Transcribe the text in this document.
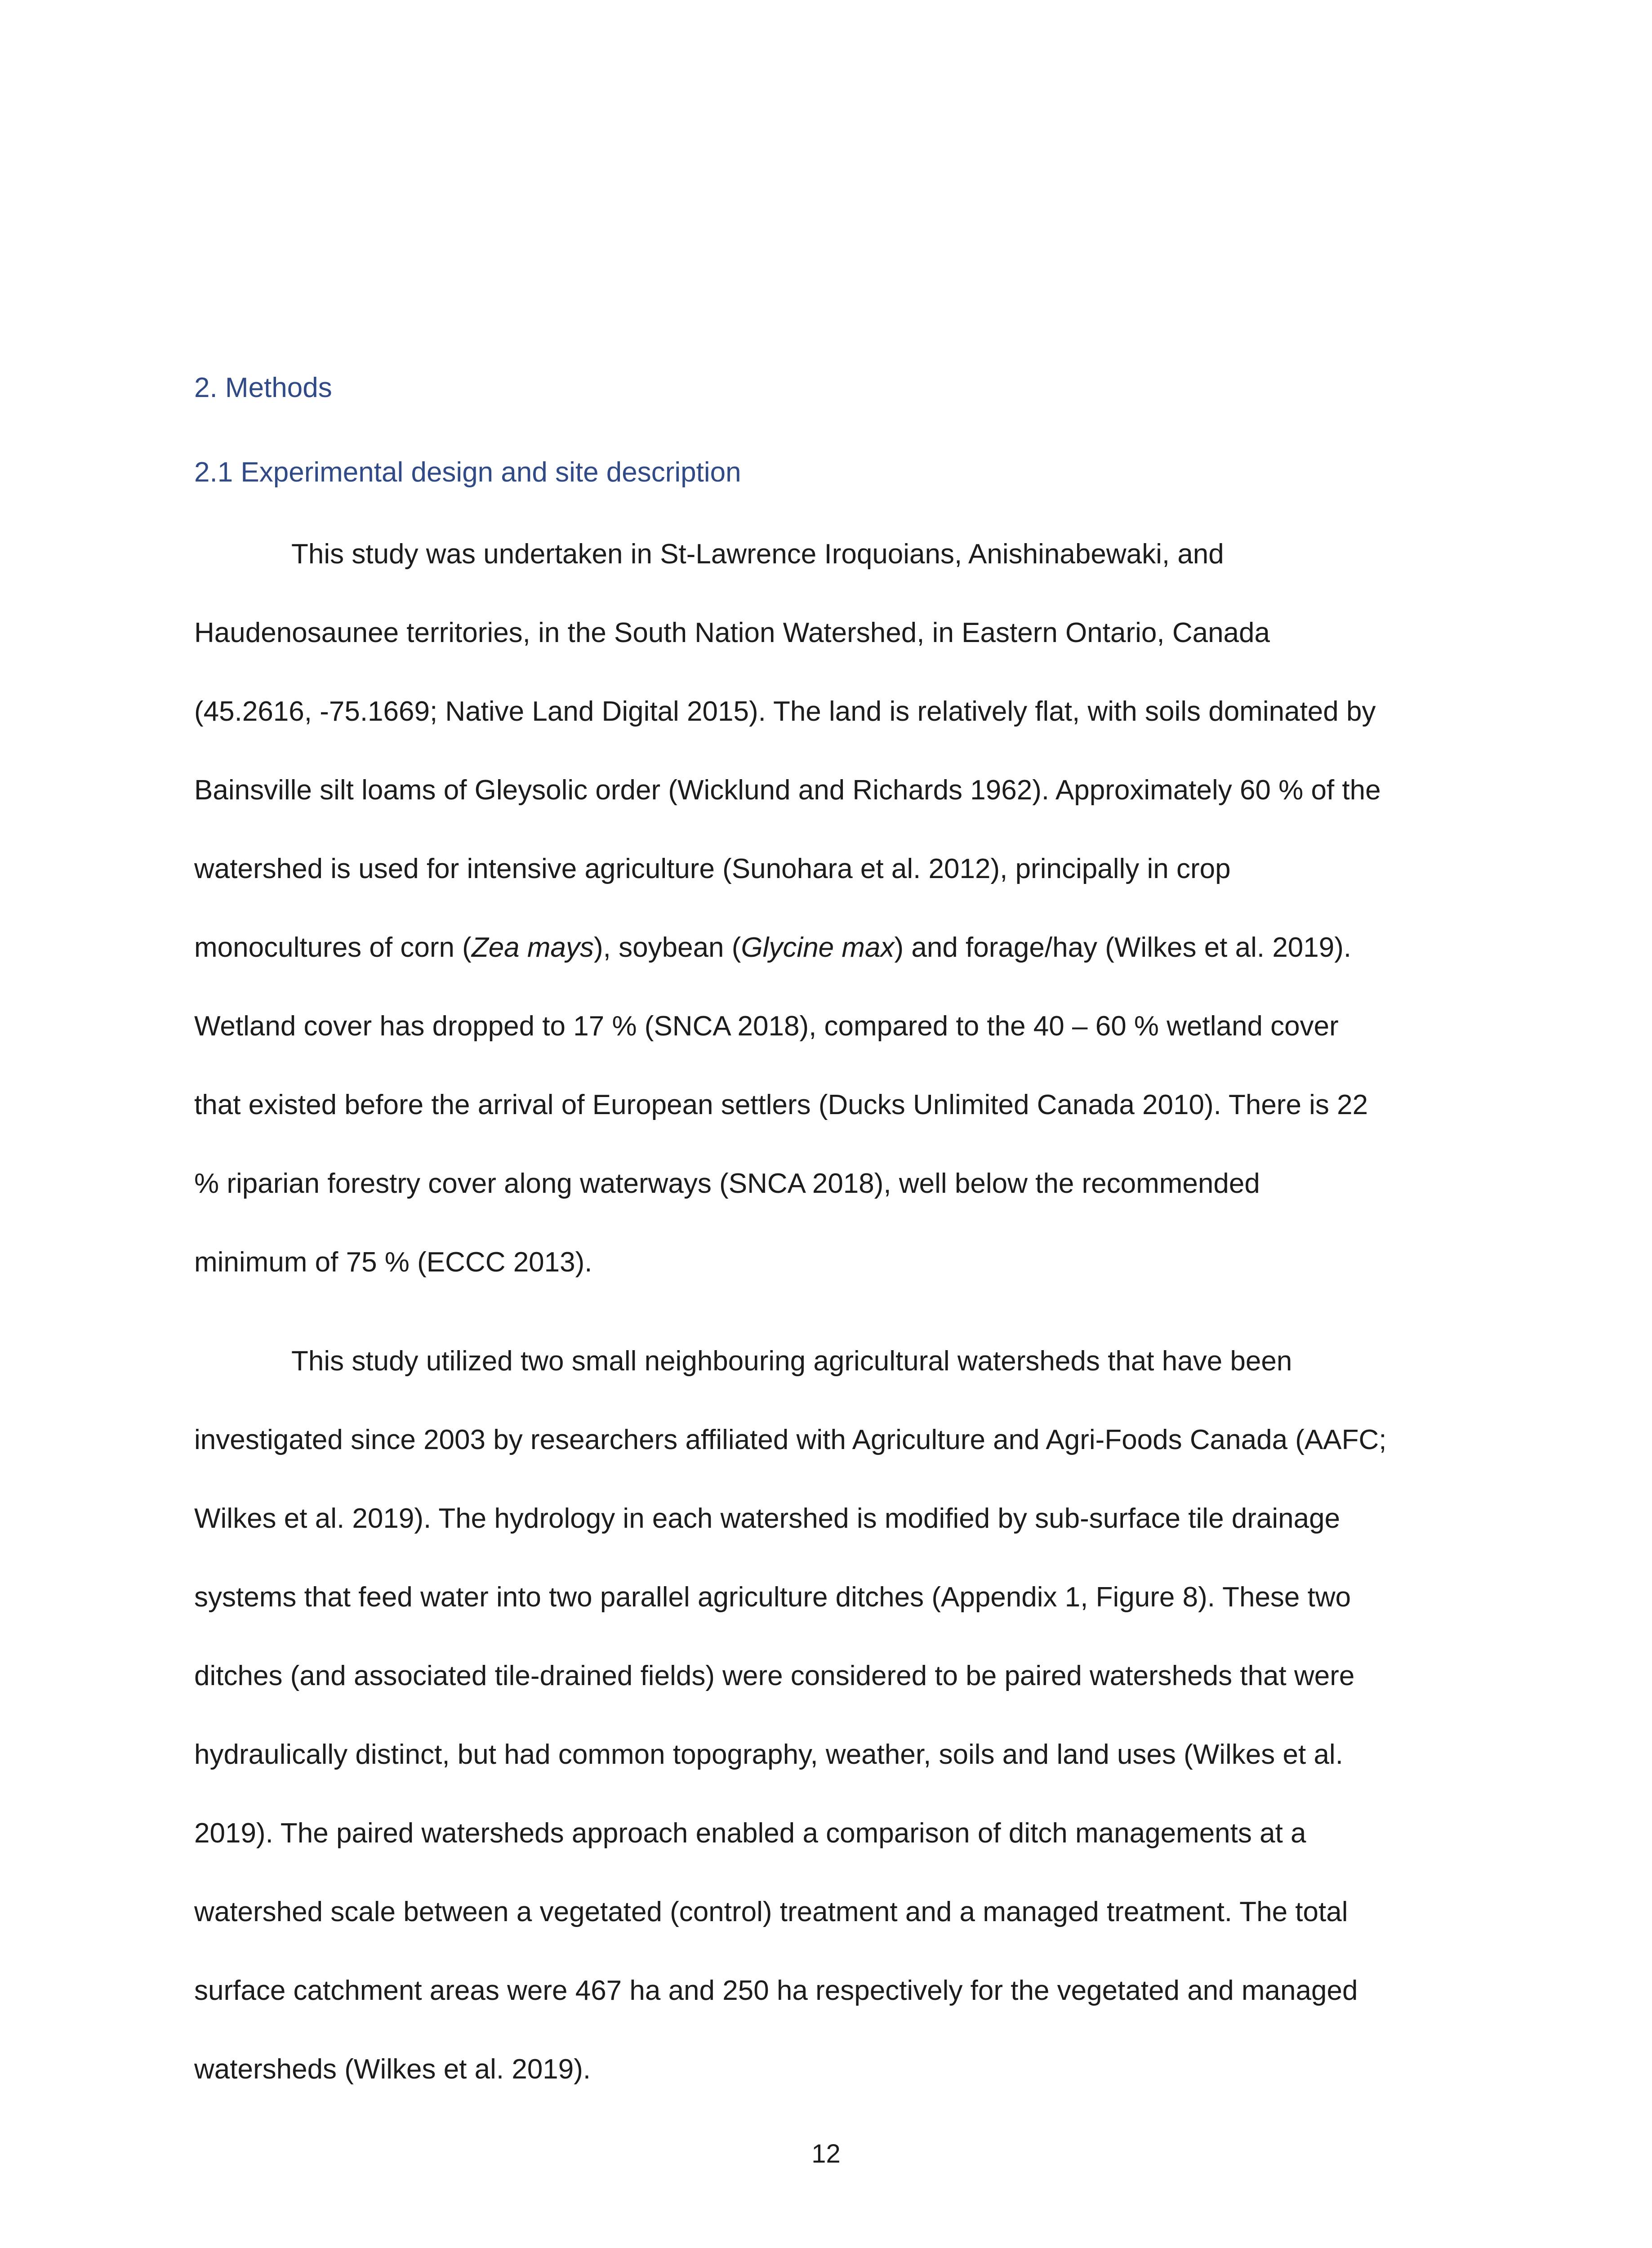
2. Methods
2.1 Experimental design and site description
This study was undertaken in St-Lawrence Iroquoians, Anishinabewaki, and
Haudenosaunee territories, in the South Nation Watershed, in Eastern Ontario, Canada
(45.2616, -75.1669; Native Land Digital 2015). The land is relatively flat, with soils dominated by
Bainsville silt loams of Gleysolic order (Wicklund and Richards 1962). Approximately 60 % of the
watershed is used for intensive agriculture (Sunohara et al. 2012), principally in crop
monocultures of corn (Zea mays), soybean (Glycine max) and forage/hay (Wilkes et al. 2019).
Wetland cover has dropped to 17 % (SNCA 2018), compared to the 40 – 60 % wetland cover
that existed before the arrival of European settlers (Ducks Unlimited Canada 2010). There is 22
% riparian forestry cover along waterways (SNCA 2018), well below the recommended
minimum of 75 % (ECCC 2013).
This study utilized two small neighbouring agricultural watersheds that have been
investigated since 2003 by researchers affiliated with Agriculture and Agri-Foods Canada (AAFC;
Wilkes et al. 2019). The hydrology in each watershed is modified by sub-surface tile drainage
systems that feed water into two parallel agriculture ditches (Appendix 1, Figure 8). These two
ditches (and associated tile-drained fields) were considered to be paired watersheds that were
hydraulically distinct, but had common topography, weather, soils and land uses (Wilkes et al.
2019). The paired watersheds approach enabled a comparison of ditch managements at a
watershed scale between a vegetated (control) treatment and a managed treatment. The total
surface catchment areas were 467 ha and 250 ha respectively for the vegetated and managed
watersheds (Wilkes et al. 2019).
12
